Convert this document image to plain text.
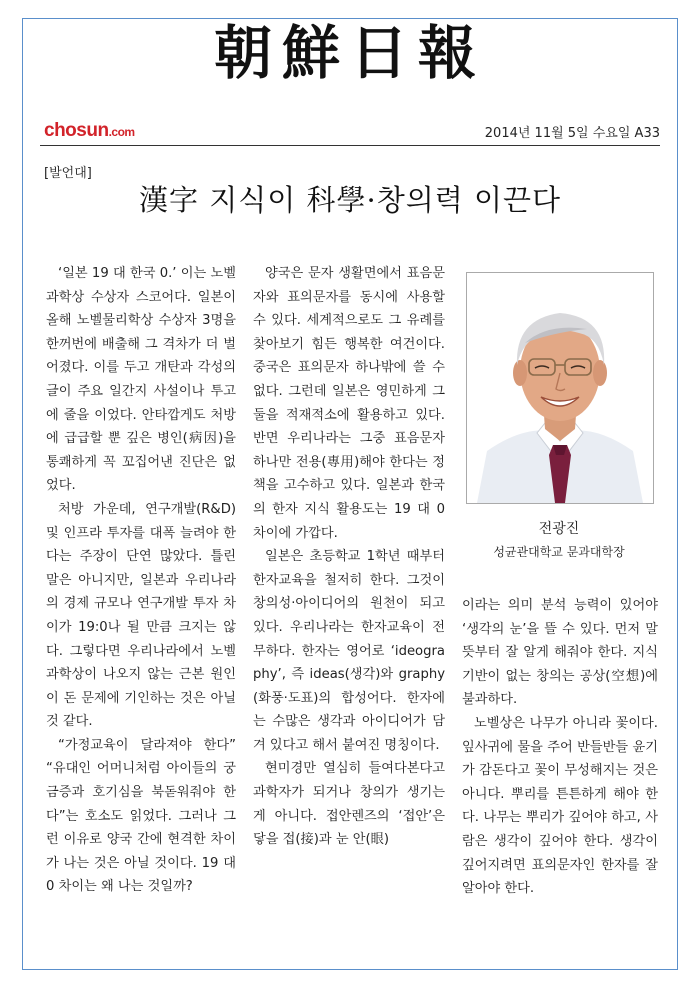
朝鮮日報
chosun.com	2014년 11월 5일 수요일 A33
[발언대]
漢字 지식이 科學·창의력 이끈다

‘일본 19 대 한국 0.’ 이는 노벨과학상 수상자 스코어다. 일본이 올해 노벨물리학상 수상자 3명을 한꺼번에 배출해 그 격차가 더 벌어졌다. 이를 두고 개탄과 각성의 글이 주요 일간지 사설이나 투고에 줄을 이었다. 안타깝게도 처방에 급급할 뿐 깊은 병인(病因)을 통쾌하게 꼭 꼬집어낸 진단은 없었다.

처방 가운데, 연구개발(R&D) 및 인프라 투자를 대폭 늘려야 한다는 주장이 단연 많았다. 틀린 말은 아니지만, 일본과 우리나라의 경제 규모나 연구개발 투자 차이가 19:0나 될 만큼 크지는 않다. 그렇다면 우리나라에서 노벨과학상이 나오지 않는 근본 원인이 돈 문제에 기인하는 것은 아닐 것 같다.

“가정교육이 달라져야 한다” “유대인 어머니처럼 아이들의 궁금증과 호기심을 북돋워줘야 한다”는 호소도 읽었다. 그러나 그런 이유로 양국 간에 현격한 차이가 나는 것은 아닐 것이다. 19 대 0 차이는 왜 나는 것일까?

양국은 문자 생활면에서 표음문자와 표의문자를 동시에 사용할 수 있다. 세계적으로도 그 유례를 찾아보기 힘든 행복한 여건이다. 중국은 표의문자 하나밖에 쓸 수 없다. 그런데 일본은 영민하게 그 둘을 적재적소에 활용하고 있다. 반면 우리나라는 그중 표음문자 하나만 전용(專用)해야 한다는 정책을 고수하고 있다. 일본과 한국의 한자 지식 활용도는 19 대 0 차이에 가깝다.

일본은 초등학교 1학년 때부터 한자교육을 철저히 한다. 그것이 창의성·아이디어의 원천이 되고 있다. 우리나라는 한자교육이 전무하다. 한자는 영어로 ‘ideography’, 즉 ideas(생각)와 graphy(화풍·도표)의 합성어다. 한자에는 수많은 생각과 아이디어가 담겨 있다고 해서 붙여진 명칭이다.

현미경만 열심히 들여다본다고 과학자가 되거나 창의가 생기는 게 아니다. 접안렌즈의 ‘접안’은 닿을 접(接)과 눈 안(眼)

전광진
성균관대학교 문과대학장

이라는 의미 분석 능력이 있어야 ‘생각의 눈’을 뜰 수 있다. 먼저 말뜻부터 잘 알게 해줘야 한다. 지식 기반이 없는 창의는 공상(空想)에 불과하다.

노벨상은 나무가 아니라 꽃이다. 잎사귀에 물을 주어 반들반들 윤기가 감돈다고 꽃이 무성해지는 것은 아니다. 뿌리를 튼튼하게 해야 한다. 나무는 뿌리가 깊어야 하고, 사람은 생각이 깊어야 한다. 생각이 깊어지려면 표의문자인 한자를 잘 알아야 한다.
